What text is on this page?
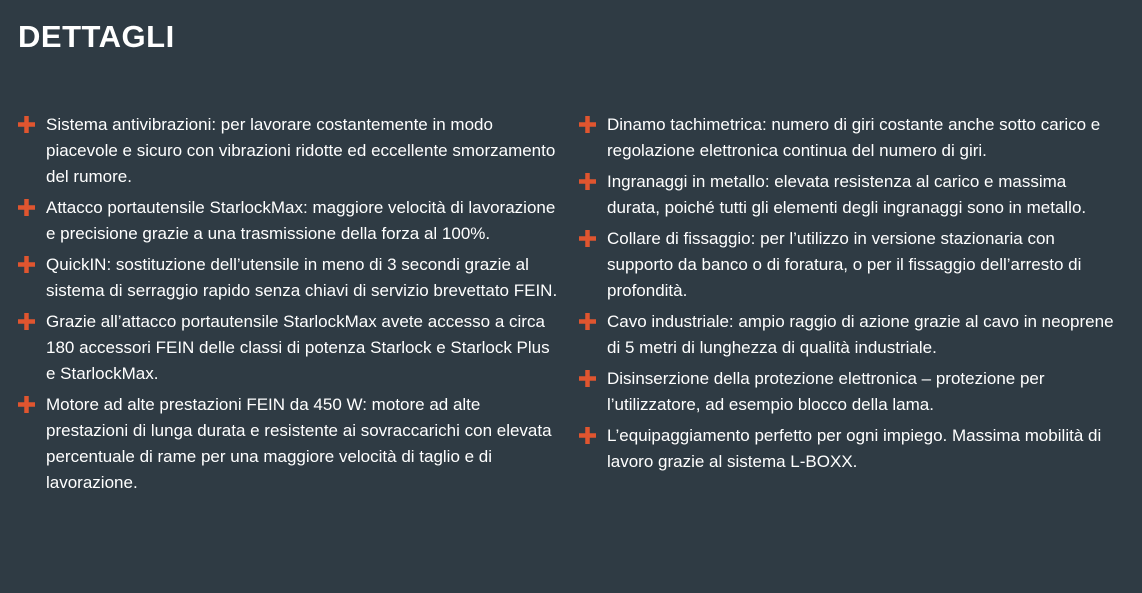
DETTAGLI

Sistema antivibrazioni: per lavorare costantemente in modo piacevole e sicuro con vibrazioni ridotte ed eccellente smorzamento del rumore.

Attacco portautensile StarlockMax: maggiore velocità di lavorazione e precisione grazie a una trasmissione della forza al 100%.

QuickIN: sostituzione dell’utensile in meno di 3 secondi grazie al sistema di serraggio rapido senza chiavi di servizio brevettato FEIN.

Grazie all’attacco portautensile StarlockMax avete accesso a circa 180 accessori FEIN delle classi di potenza Starlock e Starlock Plus e StarlockMax.

Motore ad alte prestazioni FEIN da 450 W: motore ad alte prestazioni di lunga durata e resistente ai sovraccarichi con elevata percentuale di rame per una maggiore velocità di taglio e di lavorazione.

Dinamo tachimetrica: numero di giri costante anche sotto carico e regolazione elettronica continua del numero di giri.

Ingranaggi in metallo: elevata resistenza al carico e massima durata, poiché tutti gli elementi degli ingranaggi sono in metallo.

Collare di fissaggio: per l’utilizzo in versione stazionaria con supporto da banco o di foratura, o per il fissaggio dell’arresto di profondità.

Cavo industriale: ampio raggio di azione grazie al cavo in neoprene di 5 metri di lunghezza di qualità industriale.

Disinserzione della protezione elettronica – protezione per l’utilizzatore, ad esempio blocco della lama.

L’equipaggiamento perfetto per ogni impiego. Massima mobilità di lavoro grazie al sistema L-BOXX.
